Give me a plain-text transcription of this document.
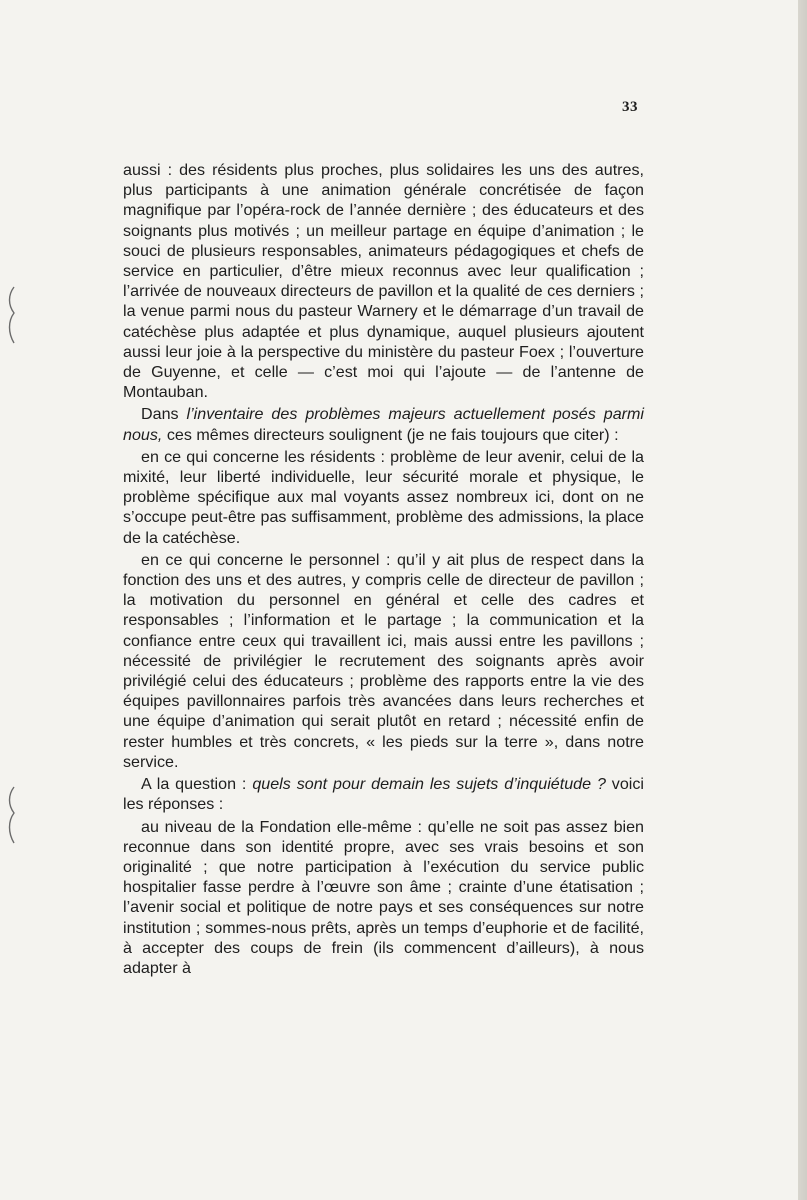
33

aussi : des résidents plus proches, plus solidaires les uns des autres, plus participants à une animation générale concrétisée de façon magnifique par l’opéra-rock de l’année dernière ; des éducateurs et des soignants plus motivés ; un meilleur partage en équipe d’animation ; le souci de plusieurs responsables, animateurs pédagogiques et chefs de service en particulier, d’être mieux reconnus avec leur qualification ; l’arrivée de nouveaux directeurs de pavillon et la qualité de ces derniers ; la venue parmi nous du pasteur Warnery et le démarrage d’un travail de catéchèse plus adaptée et plus dynamique, auquel plusieurs ajoutent aussi leur joie à la perspective du ministère du pasteur Foex ; l’ouverture de Guyenne, et celle — c’est moi qui l’ajoute — de l’antenne de Montauban.

Dans l’inventaire des problèmes majeurs actuellement posés parmi nous, ces mêmes directeurs soulignent (je ne fais toujours que citer) :

en ce qui concerne les résidents : problème de leur avenir, celui de la mixité, leur liberté individuelle, leur sécurité morale et physique, le problème spécifique aux mal voyants assez nombreux ici, dont on ne s’occupe peut-être pas suffisamment, problème des admissions, la place de la catéchèse.

en ce qui concerne le personnel : qu’il y ait plus de respect dans la fonction des uns et des autres, y compris celle de directeur de pavillon ; la motivation du personnel en général et celle des cadres et responsables ; l’information et le partage ; la communication et la confiance entre ceux qui travaillent ici, mais aussi entre les pavillons ; nécessité de privilégier le recrutement des soignants après avoir privilégié celui des éducateurs ; problème des rapports entre la vie des équipes pavillonnaires parfois très avancées dans leurs recherches et une équipe d’animation qui serait plutôt en retard ; nécessité enfin de rester humbles et très concrets, « les pieds sur la terre », dans notre service.

A la question : quels sont pour demain les sujets d’inquiétude ? voici les réponses :

au niveau de la Fondation elle-même : qu’elle ne soit pas assez bien reconnue dans son identité propre, avec ses vrais besoins et son originalité ; que notre participation à l’exécution du service public hospitalier fasse perdre à l’œuvre son âme ; crainte d’une étatisation ; l’avenir social et politique de notre pays et ses conséquences sur notre institution ; sommes-nous prêts, après un temps d’euphorie et de facilité, à accepter des coups de frein (ils commencent d’ailleurs), à nous adapter à
